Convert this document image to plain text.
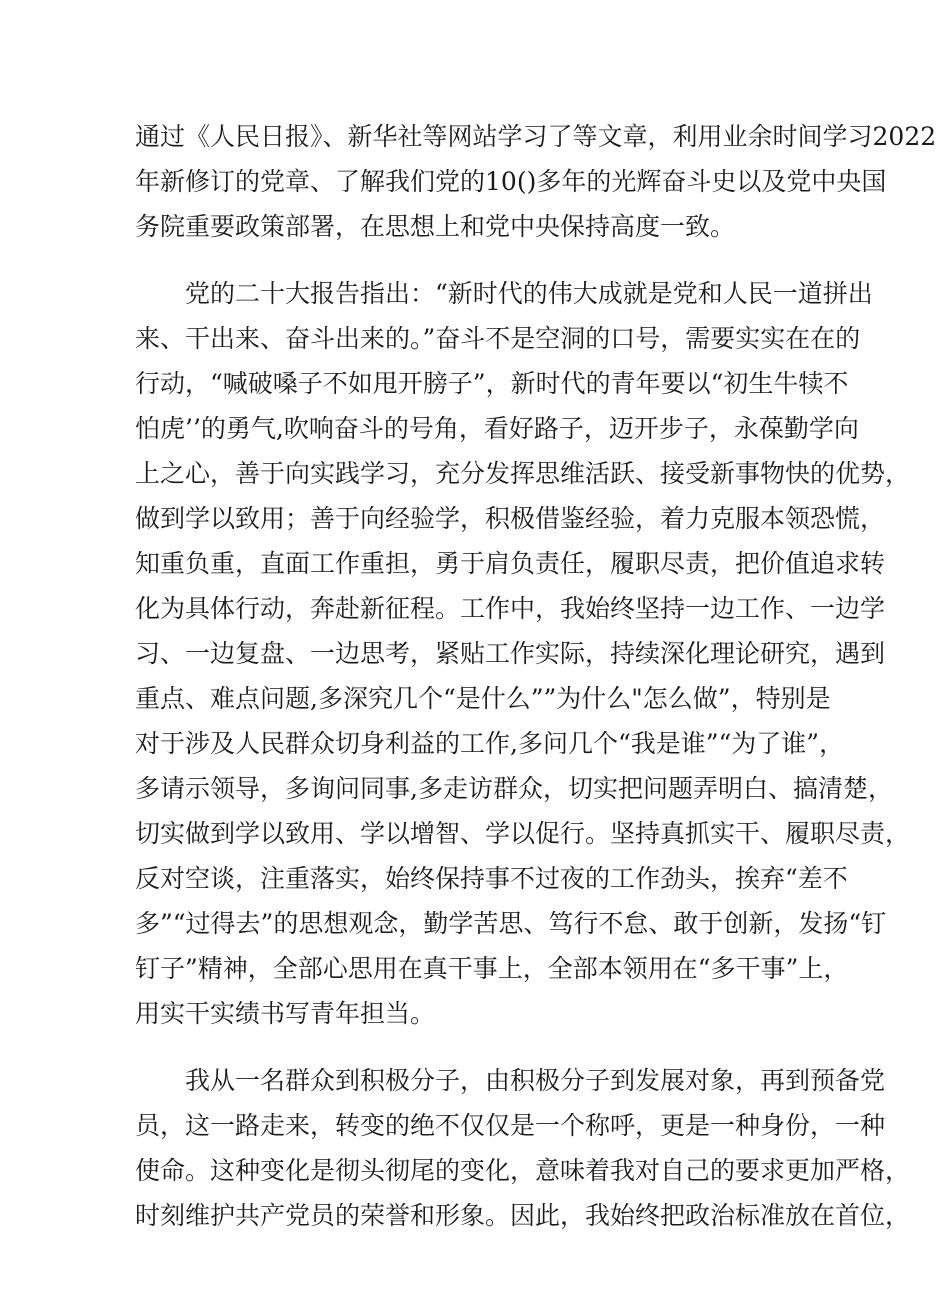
通过《人民日报》、新华社等网站学习了等文章，利用业余时间学习2022
年新修订的党章、了解我们党的10()多年的光辉奋斗史以及党中央国
务院重要政策部署，在思想上和党中央保持高度一致。

党的二十大报告指出：“新时代的伟大成就是党和人民一道拼出
来、干出来、奋斗出来的。”奋斗不是空洞的口号，需要实实在在的
行动，“喊破嗓子不如甩开膀子”，新时代的青年要以“初生牛犊不
怕虎’’的勇气,吹响奋斗的号角，看好路子，迈开步子，永葆勤学向
上之心，善于向实践学习，充分发挥思维活跃、接受新事物快的优势，
做到学以致用；善于向经验学，积极借鉴经验，着力克服本领恐慌，
知重负重，直面工作重担，勇于肩负责任，履职尽责，把价值追求转
化为具体行动，奔赴新征程。工作中，我始终坚持一边工作、一边学
习、一边复盘、一边思考，紧贴工作实际，持续深化理论研究，遇到
重点、难点问题,多深究几个“是什么””为什么"怎么做”，特别是
对于涉及人民群众切身利益的工作,多问几个“我是谁”“为了谁”，
多请示领导，多询问同事,多走访群众，切实把问题弄明白、搞清楚，
切实做到学以致用、学以增智、学以促行。坚持真抓实干、履职尽责，
反对空谈，注重落实，始终保持事不过夜的工作劲头，挨弃“差不
多”“过得去”的思想观念，勤学苦思、笃行不怠、敢于创新，发扬“钉
钉子”精神，全部心思用在真干事上，全部本领用在“多干事”上，
用实干实绩书写青年担当。

我从一名群众到积极分子，由积极分子到发展对象，再到预备党
员，这一路走来，转变的绝不仅仅是一个称呼，更是一种身份，一种
使命。这种变化是彻头彻尾的变化，意味着我对自己的要求更加严格，
时刻维护共产党员的荣誉和形象。因此，我始终把政治标准放在首位，
